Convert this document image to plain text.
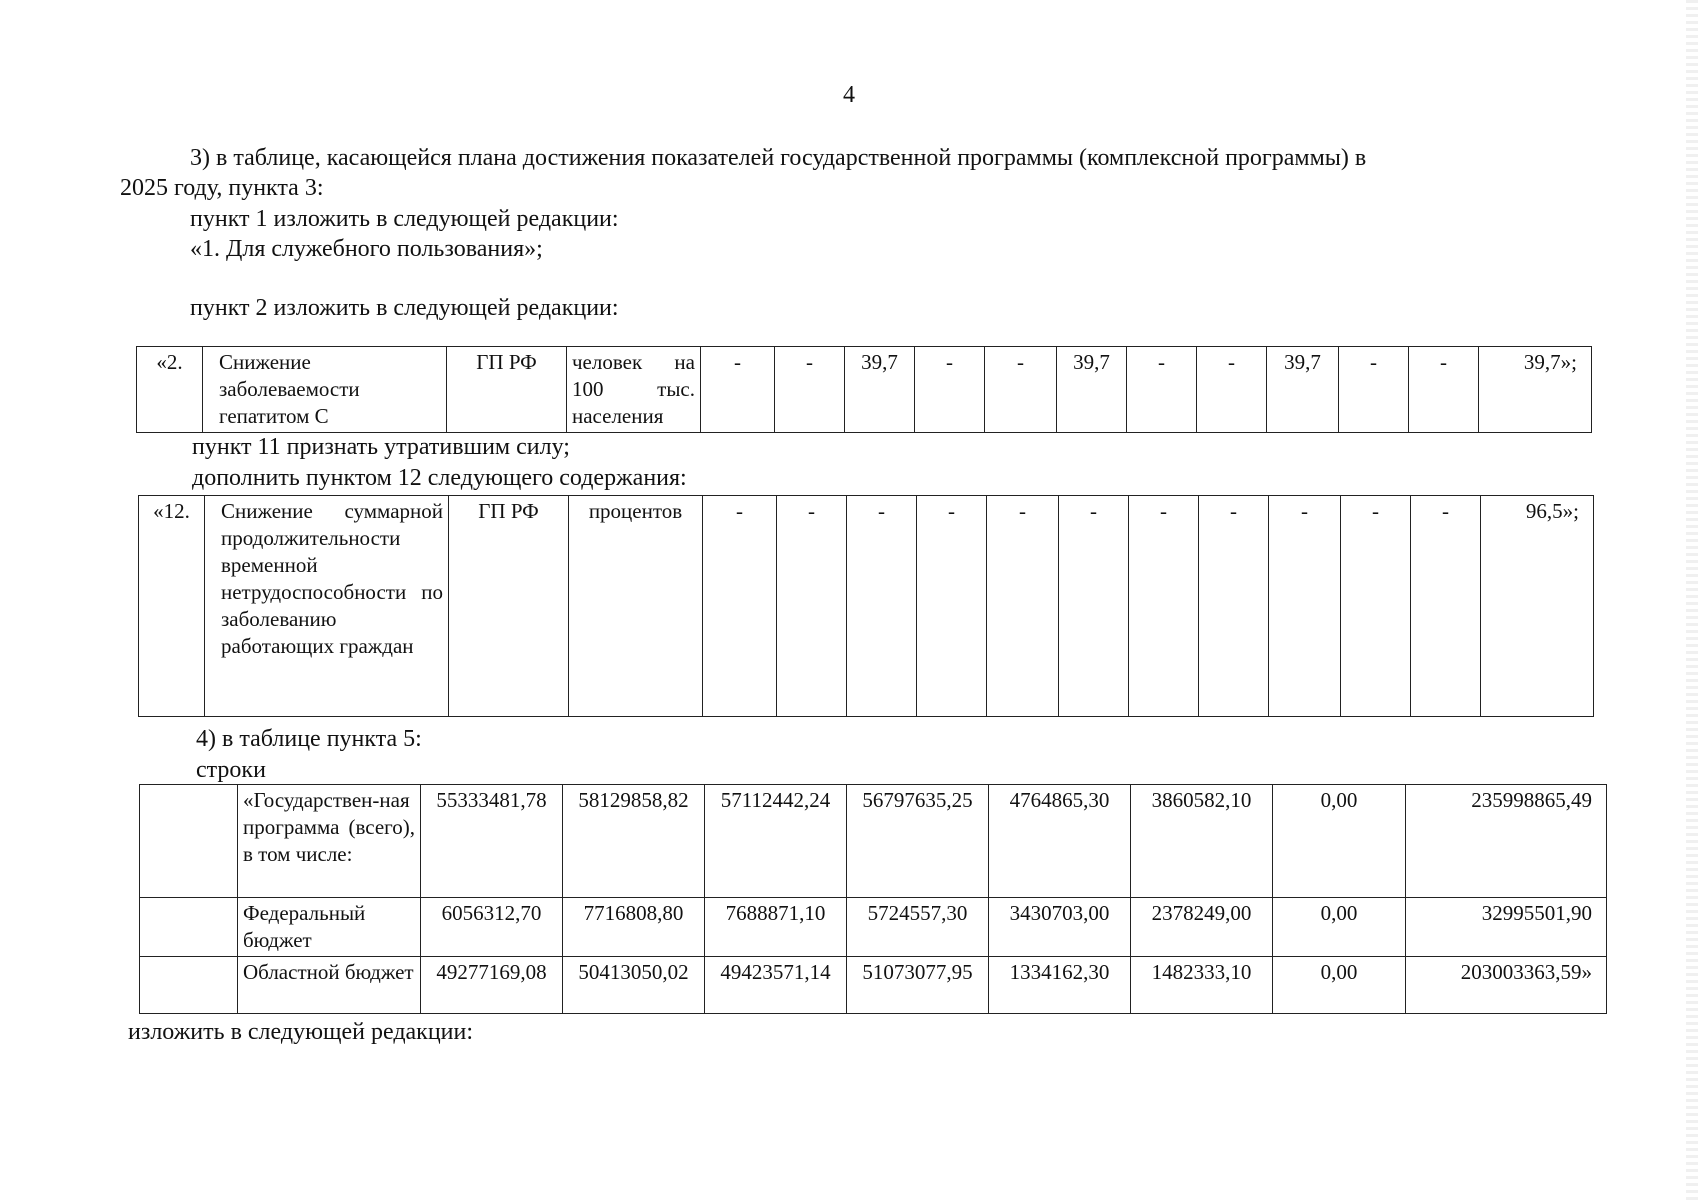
4
3) в таблице, касающейся плана достижения показателей государственной программы (комплексной программы) в
2025 году, пункта 3:
пункт 1 изложить в следующей редакции:
«1. Для служебного пользования»;
пункт 2 изложить в следующей редакции:
«2.	Снижение заболеваемости гепатитом С	ГП РФ	человек на 100 тыс. населения	-	-	39,7	-	-	39,7	-	-	39,7	-	-	39,7»;
пункт 11 признать утратившим силу;
дополнить пунктом 12 следующего содержания:
«12.	Снижение суммарной продолжительности временной нетрудоспособности по заболеванию работающих граждан	ГП РФ	процентов	-	-	-	-	-	-	-	-	-	-	-	96,5»;
4) в таблице пункта 5:
строки
	«Государствен-ная программа (всего), в том числе:	55333481,78	58129858,82	57112442,24	56797635,25	4764865,30	3860582,10	0,00	235998865,49
	Федеральный бюджет	6056312,70	7716808,80	7688871,10	5724557,30	3430703,00	2378249,00	0,00	32995501,90
	Областной бюджет	49277169,08	50413050,02	49423571,14	51073077,95	1334162,30	1482333,10	0,00	203003363,59»
изложить в следующей редакции:
